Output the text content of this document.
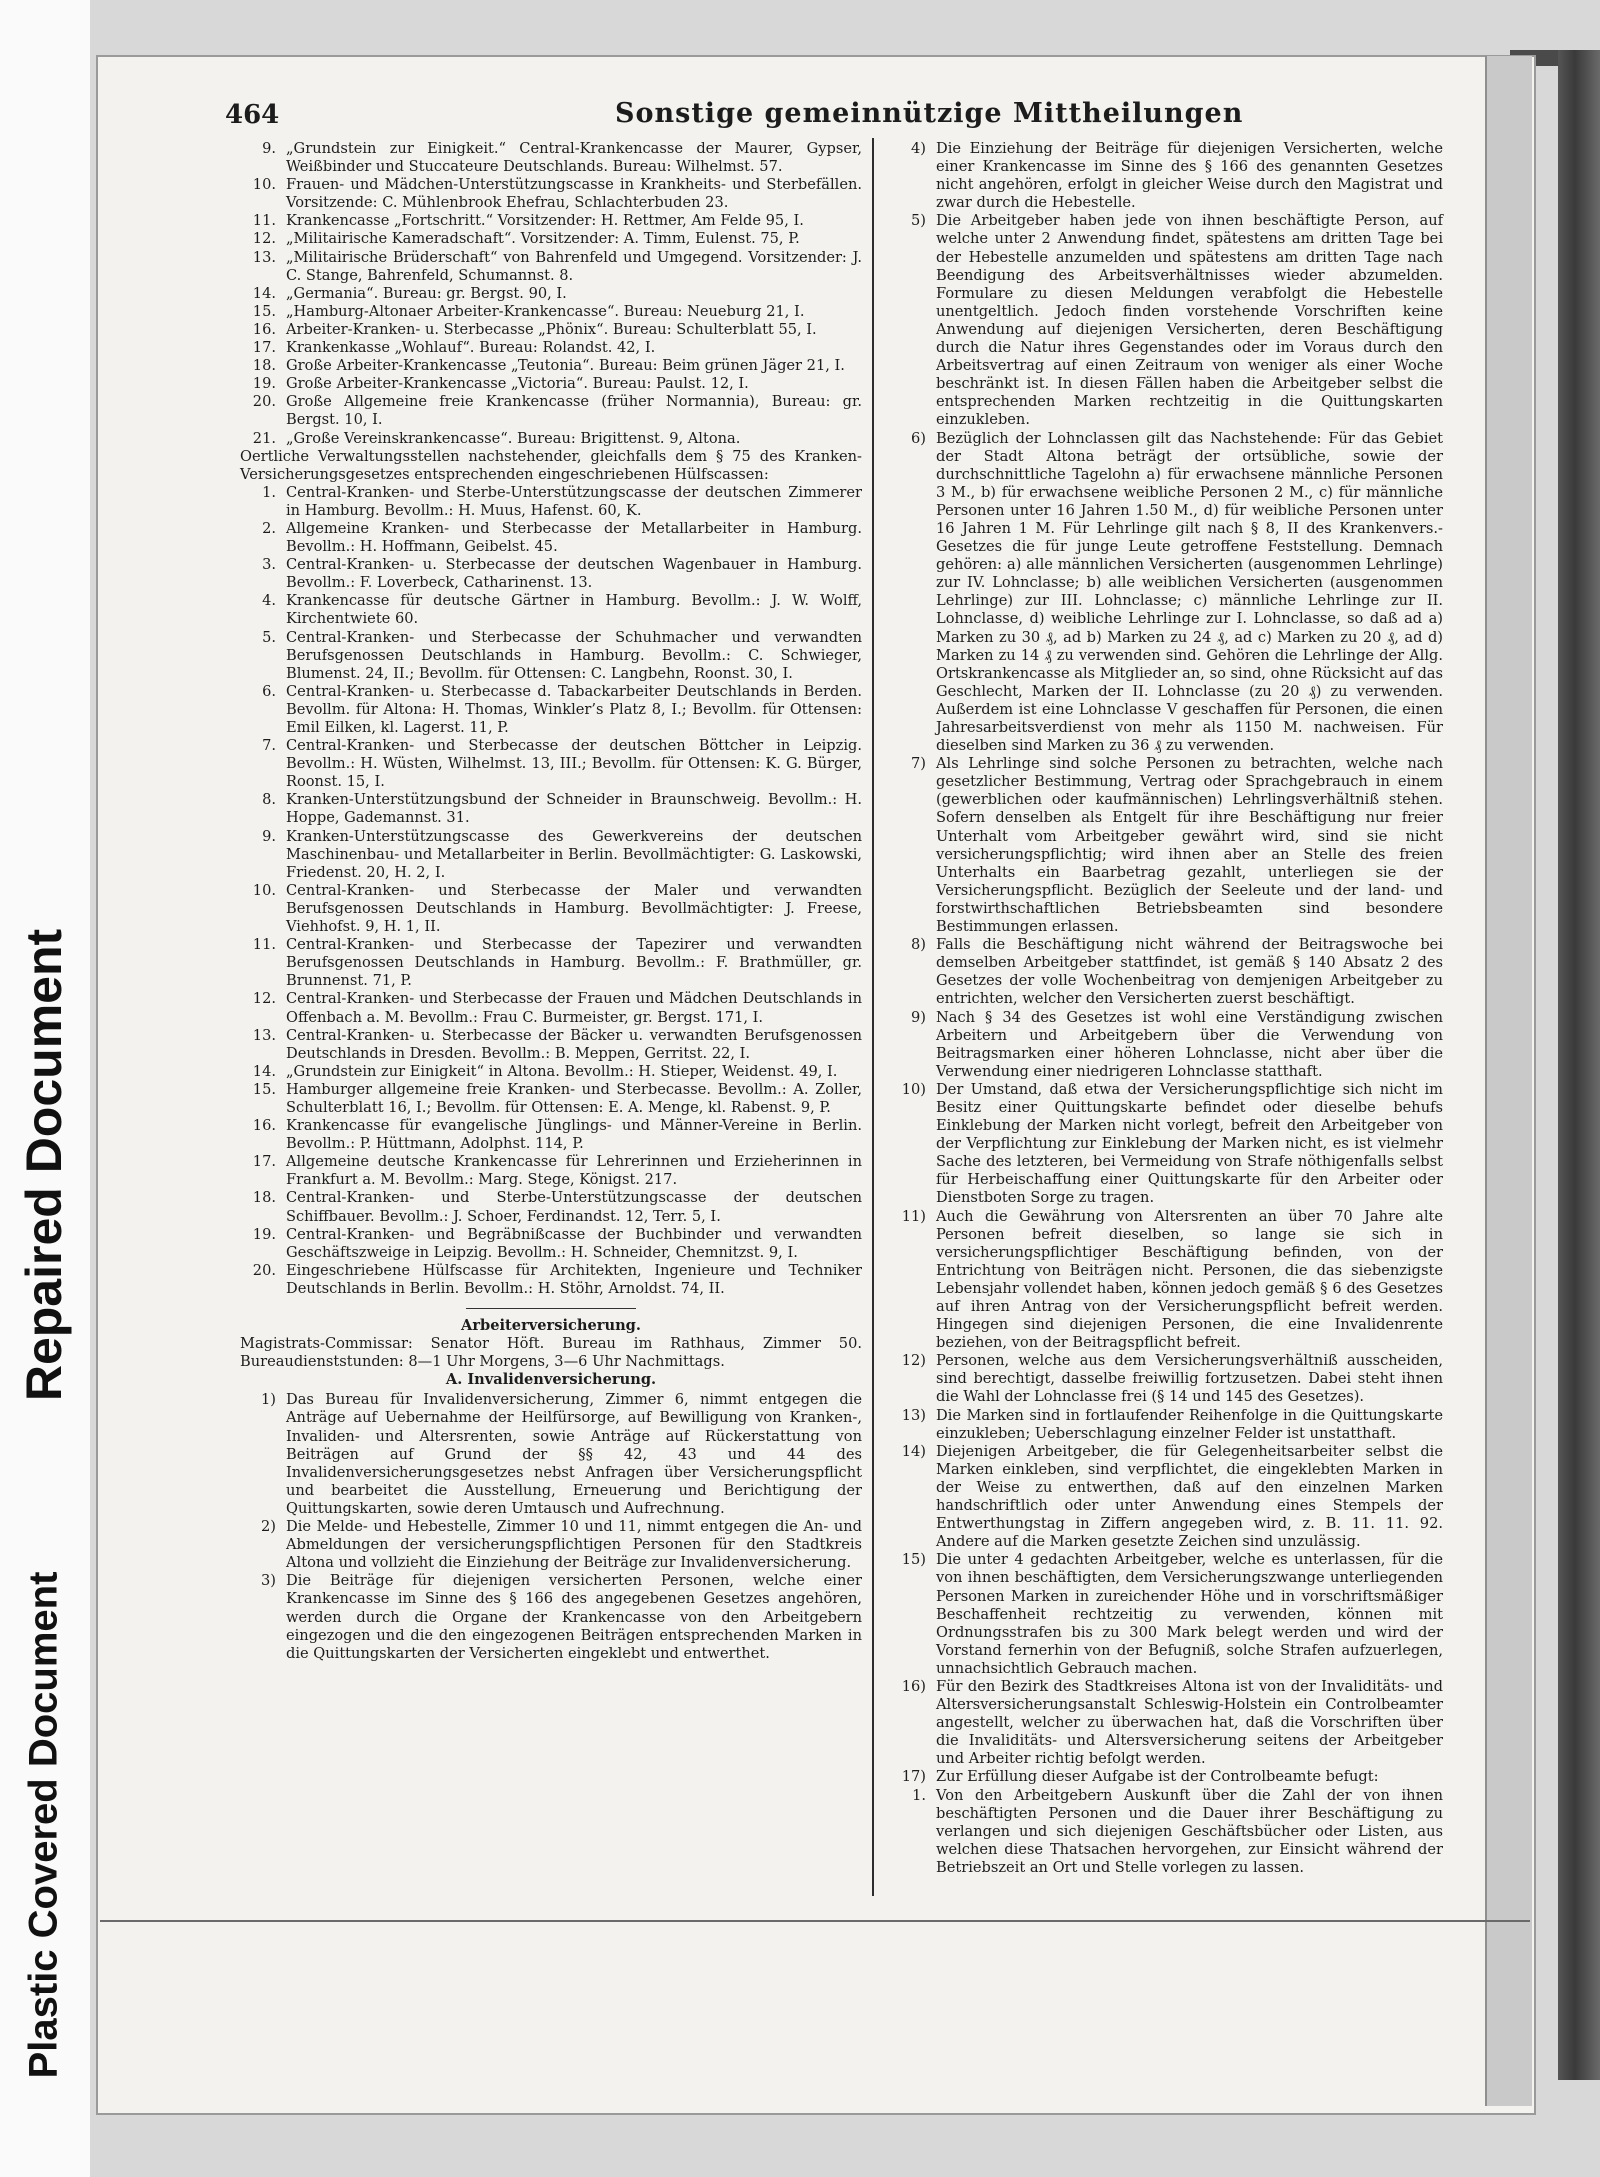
Plastic Covered Document
Repaired Document
464	Sonstige gemeinnützige Mittheilungen
9. „Grundstein zur Einigkeit.“ Central-Krankencasse der Maurer, Gypser, Weißbinder und Stuccateure Deutschlands. Bureau: Wilhelmst. 57.
10. Frauen- und Mädchen-Unterstützungscasse in Krankheits- und Sterbefällen. Vorsitzende: C. Mühlenbrook Ehefrau, Schlachterbuden 23.
11. Krankencasse „Fortschritt.“ Vorsitzender: H. Rettmer, Am Felde 95, I.
12. „Militairische Kameradschaft“. Vorsitzender: A. Timm, Eulenst. 75, P.
13. „Militairische Brüderschaft“ von Bahrenfeld und Umgegend. Vorsitzender: J. C. Stange, Bahrenfeld, Schumannst. 8.
14. „Germania“. Bureau: gr. Bergst. 90, I.
15. „Hamburg-Altonaer Arbeiter-Krankencasse“. Bureau: Neueburg 21, I.
16. Arbeiter-Kranken- u. Sterbecasse „Phönix“. Bureau: Schulterblatt 55, I.
17. Krankenkasse „Wohlauf“. Bureau: Rolandst. 42, I.
18. Große Arbeiter-Krankencasse „Teutonia“. Bureau: Beim grünen Jäger 21, I.
19. Große Arbeiter-Krankencasse „Victoria“. Bureau: Paulst. 12, I.
20. Große Allgemeine freie Krankencasse (früher Normannia), Bureau: gr. Bergst. 10, I.
21. „Große Vereinskrankencasse“. Bureau: Brigittenst. 9, Altona.

Oertliche Verwaltungsstellen nachstehender, gleichfalls dem § 75 des Kranken-Versicherungsgesetzes entsprechenden eingeschriebenen Hülfscassen:

1. Central-Kranken- und Sterbe-Unterstützungscasse der deutschen Zimmerer in Hamburg. Bevollm.: H. Muus, Hafenst. 60, K.
2. Allgemeine Kranken- und Sterbecasse der Metallarbeiter in Hamburg. Bevollm.: H. Hoffmann, Geibelst. 45.
3. Central-Kranken- u. Sterbecasse der deutschen Wagenbauer in Hamburg. Bevollm.: F. Loverbeck, Catharinenst. 13.
4. Krankencasse für deutsche Gärtner in Hamburg. Bevollm.: J. W. Wolff, Kirchentwiete 60.
5. Central-Kranken- und Sterbecasse der Schuhmacher und verwandten Berufsgenossen Deutschlands in Hamburg. Bevollm.: C. Schwieger, Blumenst. 24, II.; Bevollm. für Ottensen: C. Langbehn, Roonst. 30, I.
6. Central-Kranken- u. Sterbecasse d. Tabackarbeiter Deutschlands in Berden. Bevollm. für Altona: H. Thomas, Winkler’s Platz 8, I.; Bevollm. für Ottensen: Emil Eilken, kl. Lagerst. 11, P.
7. Central-Kranken- und Sterbecasse der deutschen Böttcher in Leipzig. Bevollm.: H. Wüsten, Wilhelmst. 13, III.; Bevollm. für Ottensen: K. G. Bürger, Roonst. 15, I.
8. Kranken-Unterstützungsbund der Schneider in Braunschweig. Bevollm.: H. Hoppe, Gademannst. 31.
9. Kranken-Unterstützungscasse des Gewerkvereins der deutschen Maschinenbau- und Metallarbeiter in Berlin. Bevollmächtigter: G. Laskowski, Friedenst. 20, H. 2, I.
10. Central-Kranken- und Sterbecasse der Maler und verwandten Berufsgenossen Deutschlands in Hamburg. Bevollmächtigter: J. Freese, Viehhofst. 9, H. 1, II.
11. Central-Kranken- und Sterbecasse der Tapezirer und verwandten Berufsgenossen Deutschlands in Hamburg. Bevollm.: F. Brathmüller, gr. Brunnenst. 71, P.
12. Central-Kranken- und Sterbecasse der Frauen und Mädchen Deutschlands in Offenbach a. M. Bevollm.: Frau C. Burmeister, gr. Bergst. 171, I.
13. Central-Kranken- u. Sterbecasse der Bäcker u. verwandten Berufsgenossen Deutschlands in Dresden. Bevollm.: B. Meppen, Gerritst. 22, I.
14. „Grundstein zur Einigkeit“ in Altona. Bevollm.: H. Stieper, Weidenst. 49, I.
15. Hamburger allgemeine freie Kranken- und Sterbecasse. Bevollm.: A. Zoller, Schulterblatt 16, I.; Bevollm. für Ottensen: E. A. Menge, kl. Rabenst. 9, P.
16. Krankencasse für evangelische Jünglings- und Männer-Vereine in Berlin. Bevollm.: P. Hüttmann, Adolphst. 114, P.
17. Allgemeine deutsche Krankencasse für Lehrerinnen und Erzieherinnen in Frankfurt a. M. Bevollm.: Marg. Stege, Königst. 217.
18. Central-Kranken- und Sterbe-Unterstützungscasse der deutschen Schiffbauer. Bevollm.: J. Schoer, Ferdinandst. 12, Terr. 5, I.
19. Central-Kranken- und Begräbnißcasse der Buchbinder und verwandten Geschäftszweige in Leipzig. Bevollm.: H. Schneider, Chemnitzst. 9, I.
20. Eingeschriebene Hülfscasse für Architekten, Ingenieure und Techniker Deutschlands in Berlin. Bevollm.: H. Stöhr, Arnoldst. 74, II.

Arbeiterversicherung.

Magistrats-Commissar: Senator Höft. Bureau im Rathhaus, Zimmer 50. Bureaudienststunden: 8—1 Uhr Morgens, 3—6 Uhr Nachmittags.

A. Invalidenversicherung.

1) Das Bureau für Invalidenversicherung, Zimmer 6, nimmt entgegen die Anträge auf Uebernahme der Heilfürsorge, auf Bewilligung von Kranken-, Invaliden- und Altersrenten, sowie Anträge auf Rückerstattung von Beiträgen auf Grund der §§ 42, 43 und 44 des Invalidenversicherungsgesetzes nebst Anfragen über Versicherungspflicht und bearbeitet die Ausstellung, Erneuerung und Berichtigung der Quittungskarten, sowie deren Umtausch und Aufrechnung.
2) Die Melde- und Hebestelle, Zimmer 10 und 11, nimmt entgegen die An- und Abmeldungen der versicherungspflichtigen Personen für den Stadtkreis Altona und vollzieht die Einziehung der Beiträge zur Invalidenversicherung.
3) Die Beiträge für diejenigen versicherten Personen, welche einer Krankencasse im Sinne des § 166 des angegebenen Gesetzes angehören, werden durch die Organe der Krankencasse von den Arbeitgebern eingezogen und die den eingezogenen Beiträgen entsprechenden Marken in die Quittungskarten der Versicherten eingeklebt und entwerthet.
4) Die Einziehung der Beiträge für diejenigen Versicherten, welche einer Krankencasse im Sinne des § 166 des genannten Gesetzes nicht angehören, erfolgt in gleicher Weise durch den Magistrat und zwar durch die Hebestelle.
5) Die Arbeitgeber haben jede von ihnen beschäftigte Person, auf welche unter 2 Anwendung findet, spätestens am dritten Tage bei der Hebestelle anzumelden und spätestens am dritten Tage nach Beendigung des Arbeitsverhältnisses wieder abzumelden. Formulare zu diesen Meldungen verabfolgt die Hebestelle unentgeltlich. Jedoch finden vorstehende Vorschriften keine Anwendung auf diejenigen Versicherten, deren Beschäftigung durch die Natur ihres Gegenstandes oder im Voraus durch den Arbeitsvertrag auf einen Zeitraum von weniger als einer Woche beschränkt ist. In diesen Fällen haben die Arbeitgeber selbst die entsprechenden Marken rechtzeitig in die Quittungskarten einzukleben.
6) Bezüglich der Lohnclassen gilt das Nachstehende: Für das Gebiet der Stadt Altona beträgt der ortsübliche, sowie der durchschnittliche Tagelohn a) für erwachsene männliche Personen 3 M., b) für erwachsene weibliche Personen 2 M., c) für männliche Personen unter 16 Jahren 1.50 M., d) für weibliche Personen unter 16 Jahren 1 M. Für Lehrlinge gilt nach § 8, II des Krankenvers.-Gesetzes die für junge Leute getroffene Feststellung. Demnach gehören: a) alle männlichen Versicherten (ausgenommen Lehrlinge) zur IV. Lohnclasse; b) alle weiblichen Versicherten (ausgenommen Lehrlinge) zur III. Lohnclasse; c) männliche Lehrlinge zur II. Lohnclasse, d) weibliche Lehrlinge zur I. Lohnclasse, so daß ad a) Marken zu 30 ₰, ad b) Marken zu 24 ₰, ad c) Marken zu 20 ₰, ad d) Marken zu 14 ₰ zu verwenden sind. Gehören die Lehrlinge der Allg. Ortskrankencasse als Mitglieder an, so sind, ohne Rücksicht auf das Geschlecht, Marken der II. Lohnclasse (zu 20 ₰) zu verwenden. Außerdem ist eine Lohnclasse V geschaffen für Personen, die einen Jahresarbeitsverdienst von mehr als 1150 M. nachweisen. Für dieselben sind Marken zu 36 ₰ zu verwenden.
7) Als Lehrlinge sind solche Personen zu betrachten, welche nach gesetzlicher Bestimmung, Vertrag oder Sprachgebrauch in einem (gewerblichen oder kaufmännischen) Lehrlingsverhältniß stehen. Sofern denselben als Entgelt für ihre Beschäftigung nur freier Unterhalt vom Arbeitgeber gewährt wird, sind sie nicht versicherungspflichtig; wird ihnen aber an Stelle des freien Unterhalts ein Baarbetrag gezahlt, unterliegen sie der Versicherungspflicht. Bezüglich der Seeleute und der land- und forstwirthschaftlichen Betriebsbeamten sind besondere Bestimmungen erlassen.
8) Falls die Beschäftigung nicht während der Beitragswoche bei demselben Arbeitgeber stattfindet, ist gemäß § 140 Absatz 2 des Gesetzes der volle Wochenbeitrag von demjenigen Arbeitgeber zu entrichten, welcher den Versicherten zuerst beschäftigt.
9) Nach § 34 des Gesetzes ist wohl eine Verständigung zwischen Arbeitern und Arbeitgebern über die Verwendung von Beitragsmarken einer höheren Lohnclasse, nicht aber über die Verwendung einer niedrigeren Lohnclasse statthaft.
10) Der Umstand, daß etwa der Versicherungspflichtige sich nicht im Besitz einer Quittungskarte befindet oder dieselbe behufs Einklebung der Marken nicht vorlegt, befreit den Arbeitgeber von der Verpflichtung zur Einklebung der Marken nicht, es ist vielmehr Sache des letzteren, bei Vermeidung von Strafe nöthigenfalls selbst für Herbeischaffung einer Quittungskarte für den Arbeiter oder Dienstboten Sorge zu tragen.
11) Auch die Gewährung von Altersrenten an über 70 Jahre alte Personen befreit dieselben, so lange sie sich in versicherungspflichtiger Beschäftigung befinden, von der Entrichtung von Beiträgen nicht. Personen, die das siebenzigste Lebensjahr vollendet haben, können jedoch gemäß § 6 des Gesetzes auf ihren Antrag von der Versicherungspflicht befreit werden. Hingegen sind diejenigen Personen, die eine Invalidenrente beziehen, von der Beitragspflicht befreit.
12) Personen, welche aus dem Versicherungsverhältniß ausscheiden, sind berechtigt, dasselbe freiwillig fortzusetzen. Dabei steht ihnen die Wahl der Lohnclasse frei (§ 14 und 145 des Gesetzes).
13) Die Marken sind in fortlaufender Reihenfolge in die Quittungskarte einzukleben; Ueberschlagung einzelner Felder ist unstatthaft.
14) Diejenigen Arbeitgeber, die für Gelegenheitsarbeiter selbst die Marken einkleben, sind verpflichtet, die eingeklebten Marken in der Weise zu entwerthen, daß auf den einzelnen Marken handschriftlich oder unter Anwendung eines Stempels der Entwerthungstag in Ziffern angegeben wird, z. B. 11. 11. 92. Andere auf die Marken gesetzte Zeichen sind unzulässig.
15) Die unter 4 gedachten Arbeitgeber, welche es unterlassen, für die von ihnen beschäftigten, dem Versicherungszwange unterliegenden Personen Marken in zureichender Höhe und in vorschriftsmäßiger Beschaffenheit rechtzeitig zu verwenden, können mit Ordnungsstrafen bis zu 300 Mark belegt werden und wird der Vorstand fernerhin von der Befugniß, solche Strafen aufzuerlegen, unnachsichtlich Gebrauch machen.
16) Für den Bezirk des Stadtkreises Altona ist von der Invaliditäts- und Altersversicherungsanstalt Schleswig-Holstein ein Controlbeamter angestellt, welcher zu überwachen hat, daß die Vorschriften über die Invaliditäts- und Altersversicherung seitens der Arbeitgeber und Arbeiter richtig befolgt werden.
17) Zur Erfüllung dieser Aufgabe ist der Controlbeamte befugt:
1. Von den Arbeitgebern Auskunft über die Zahl der von ihnen beschäftigten Personen und die Dauer ihrer Beschäftigung zu verlangen und sich diejenigen Geschäftsbücher oder Listen, aus welchen diese Thatsachen hervorgehen, zur Einsicht während der Betriebszeit an Ort und Stelle vorlegen zu lassen.
